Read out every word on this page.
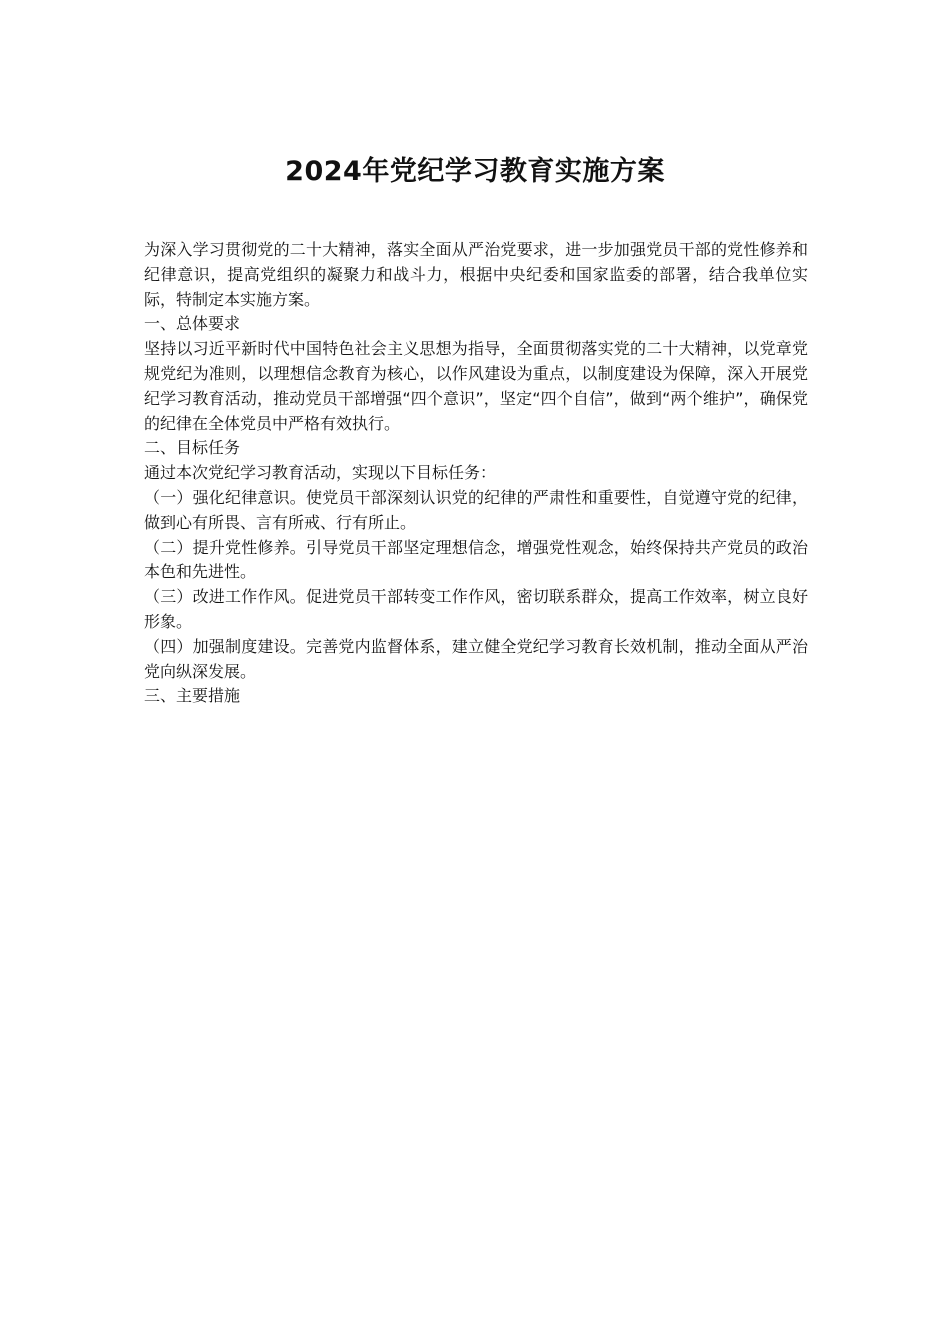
2024年党纪学习教育实施方案

为深入学习贯彻党的二十大精神，落实全面从严治党要求，进一步加强党员干部的党性修养和纪律意识，提高党组织的凝聚力和战斗力，根据中央纪委和国家监委的部署，结合我单位实际，特制定本实施方案。

一、总体要求

坚持以习近平新时代中国特色社会主义思想为指导，全面贯彻落实党的二十大精神，以党章党规党纪为准则，以理想信念教育为核心，以作风建设为重点，以制度建设为保障，深入开展党纪学习教育活动，推动党员干部增强“四个意识”，坚定“四个自信”，做到“两个维护”，确保党的纪律在全体党员中严格有效执行。

二、目标任务

通过本次党纪学习教育活动，实现以下目标任务：

（一）强化纪律意识。使党员干部深刻认识党的纪律的严肃性和重要性，自觉遵守党的纪律，做到心有所畏、言有所戒、行有所止。

（二）提升党性修养。引导党员干部坚定理想信念，增强党性观念，始终保持共产党员的政治本色和先进性。

（三）改进工作作风。促进党员干部转变工作作风，密切联系群众，提高工作效率，树立良好形象。

（四）加强制度建设。完善党内监督体系，建立健全党纪学习教育长效机制，推动全面从严治党向纵深发展。

三、主要措施
